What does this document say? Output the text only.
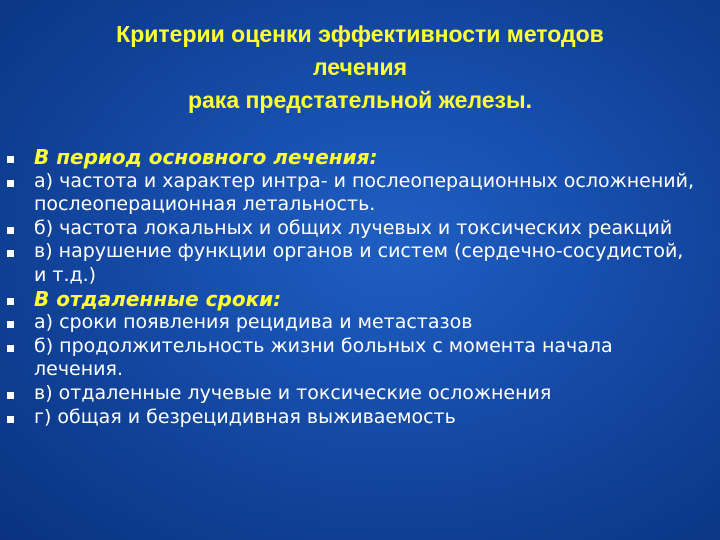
Критерии оценки эффективности методов
лечения
рака предстательной железы.
В период основного лечения:
а) частота и характер интра- и послеоперационных осложнений, послеоперационная летальность.
б) частота локальных и общих лучевых и токсических реакций
в) нарушение функции органов и систем (сердечно-сосудистой, и т.д.)
В отдаленные сроки:
а) сроки появления рецидива и метастазов
б) продолжительность жизни больных с момента начала лечения.
в) отдаленные лучевые и токсические осложнения
г) общая и безрецидивная выживаемость
